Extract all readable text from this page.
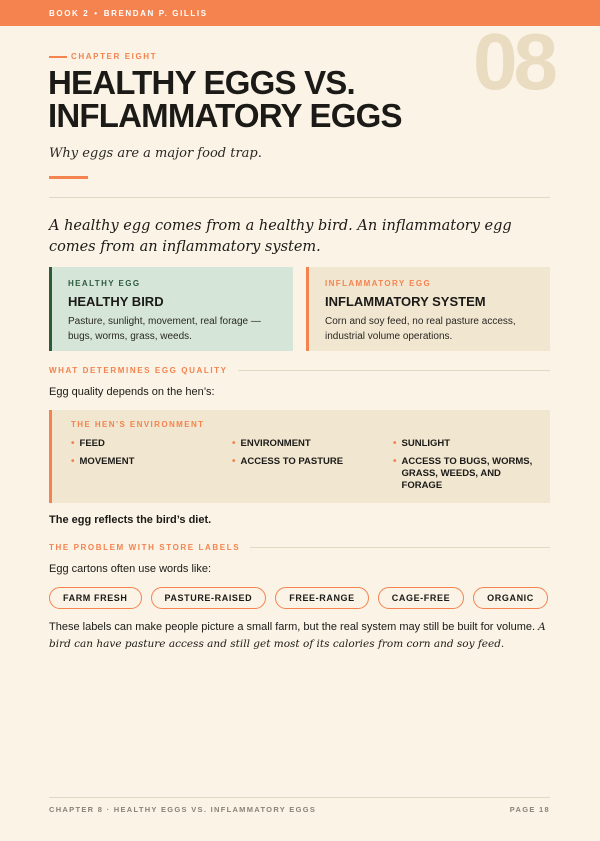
BOOK 2 • BRENDAN P. GILLIS
08
CHAPTER EIGHT
HEALTHY EGGS VS.
INFLAMMATORY EGGS
Why eggs are a major food trap.
A healthy egg comes from a healthy bird. An inflammatory egg comes from an inflammatory system.
HEALTHY EGG
HEALTHY BIRD
Pasture, sunlight, movement, real forage — bugs, worms, grass, weeds.
INFLAMMATORY EGG
INFLAMMATORY SYSTEM
Corn and soy feed, no real pasture access, industrial volume operations.
WHAT DETERMINES EGG QUALITY
Egg quality depends on the hen’s:
THE HEN’S ENVIRONMENT
• FEED	• ENVIRONMENT	• SUNLIGHT
• MOVEMENT	• ACCESS TO PASTURE	• ACCESS TO BUGS, WORMS, GRASS, WEEDS, AND FORAGE
The egg reflects the bird’s diet.
THE PROBLEM WITH STORE LABELS
Egg cartons often use words like:
FARM FRESH	PASTURE-RAISED	FREE-RANGE	CAGE-FREE	ORGANIC
These labels can make people picture a small farm, but the real system may still be built for volume. A bird can have pasture access and still get most of its calories from corn and soy feed.
CHAPTER 8 · HEALTHY EGGS VS. INFLAMMATORY EGGS	PAGE 18
